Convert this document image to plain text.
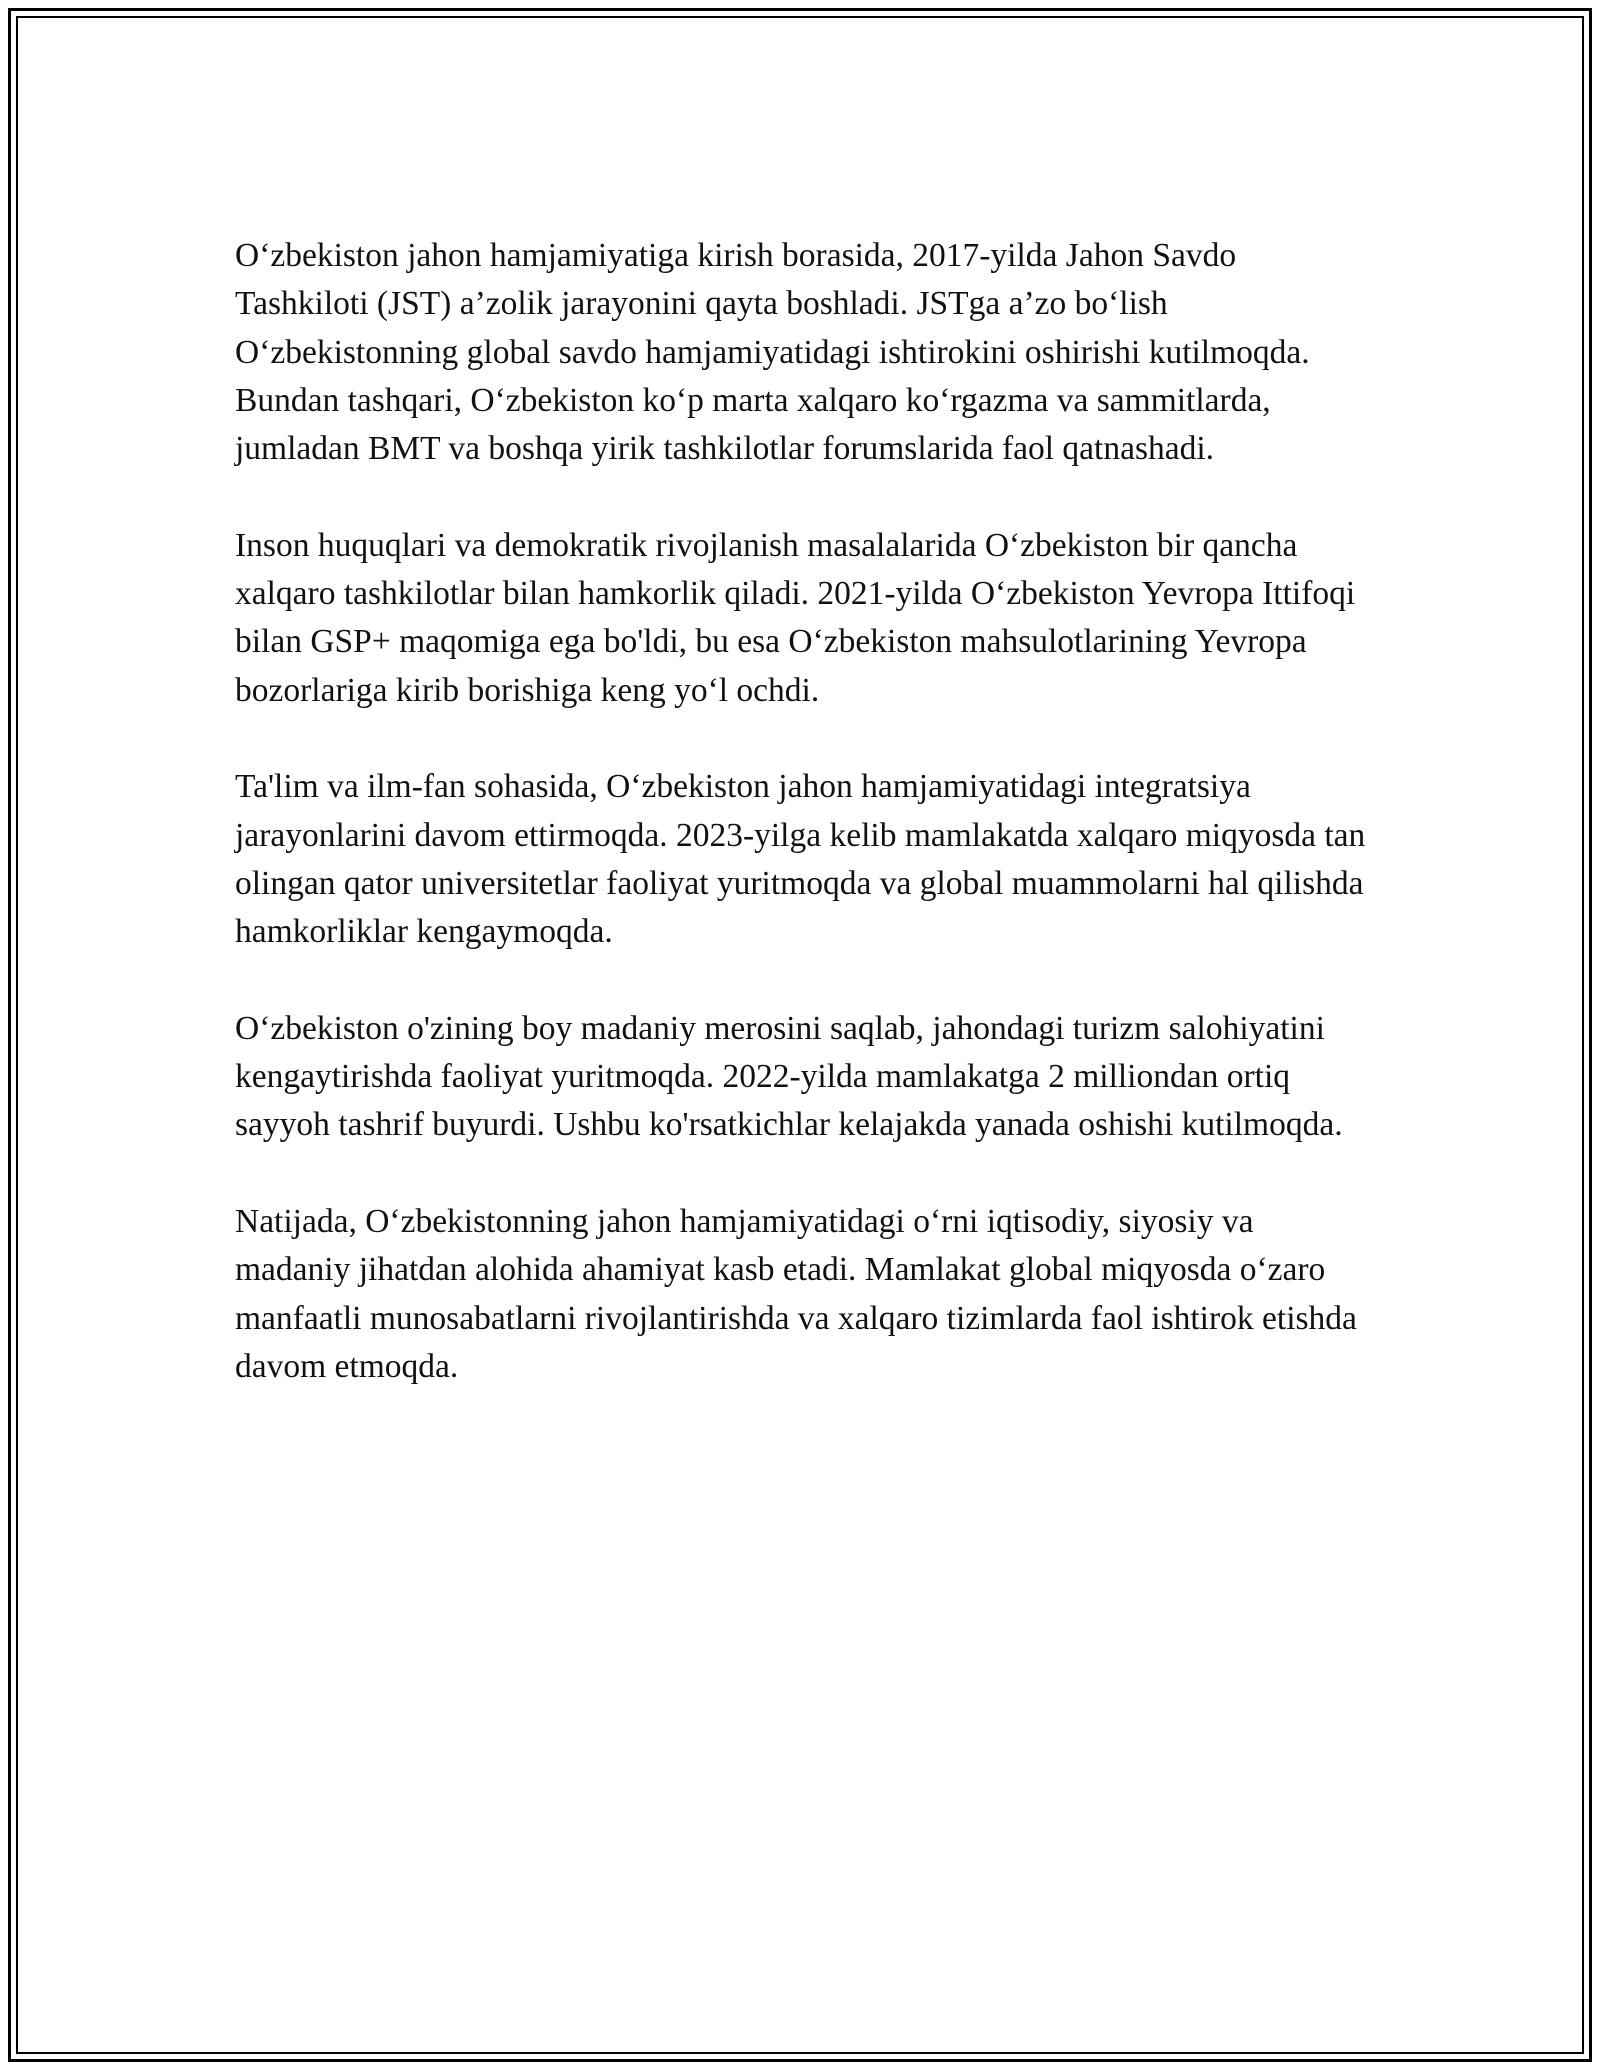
O‘zbekiston jahon hamjamiyatiga kirish borasida, 2017-yilda Jahon Savdo Tashkiloti (JST) a’zolik jarayonini qayta boshladi. JSTga a’zo bo‘lish O‘zbekistonning global savdo hamjamiyatidagi ishtirokini oshirishi kutilmoqda. Bundan tashqari, O‘zbekiston ko‘p marta xalqaro ko‘rgazma va sammitlarda, jumladan BMT va boshqa yirik tashkilotlar forumslarida faol qatnashadi.

Inson huquqlari va demokratik rivojlanish masalalarida O‘zbekiston bir qancha xalqaro tashkilotlar bilan hamkorlik qiladi. 2021-yilda O‘zbekiston Yevropa Ittifoqi bilan GSP+ maqomiga ega bo'ldi, bu esa O‘zbekiston mahsulotlarining Yevropa bozorlariga kirib borishiga keng yo‘l ochdi.

Ta'lim va ilm-fan sohasida, O‘zbekiston jahon hamjamiyatidagi integratsiya jarayonlarini davom ettirmoqda. 2023-yilga kelib mamlakatda xalqaro miqyosda tan olingan qator universitetlar faoliyat yuritmoqda va global muammolarni hal qilishda hamkorliklar kengaymoqda.

O‘zbekiston o'zining boy madaniy merosini saqlab, jahondagi turizm salohiyatini kengaytirishda faoliyat yuritmoqda. 2022-yilda mamlakatga 2 milliondan ortiq sayyoh tashrif buyurdi. Ushbu ko'rsatkichlar kelajakda yanada oshishi kutilmoqda.

Natijada, O‘zbekistonning jahon hamjamiyatidagi o‘rni iqtisodiy, siyosiy va madaniy jihatdan alohida ahamiyat kasb etadi. Mamlakat global miqyosda o‘zaro manfaatli munosabatlarni rivojlantirishda va xalqaro tizimlarda faol ishtirok etishda davom etmoqda.
